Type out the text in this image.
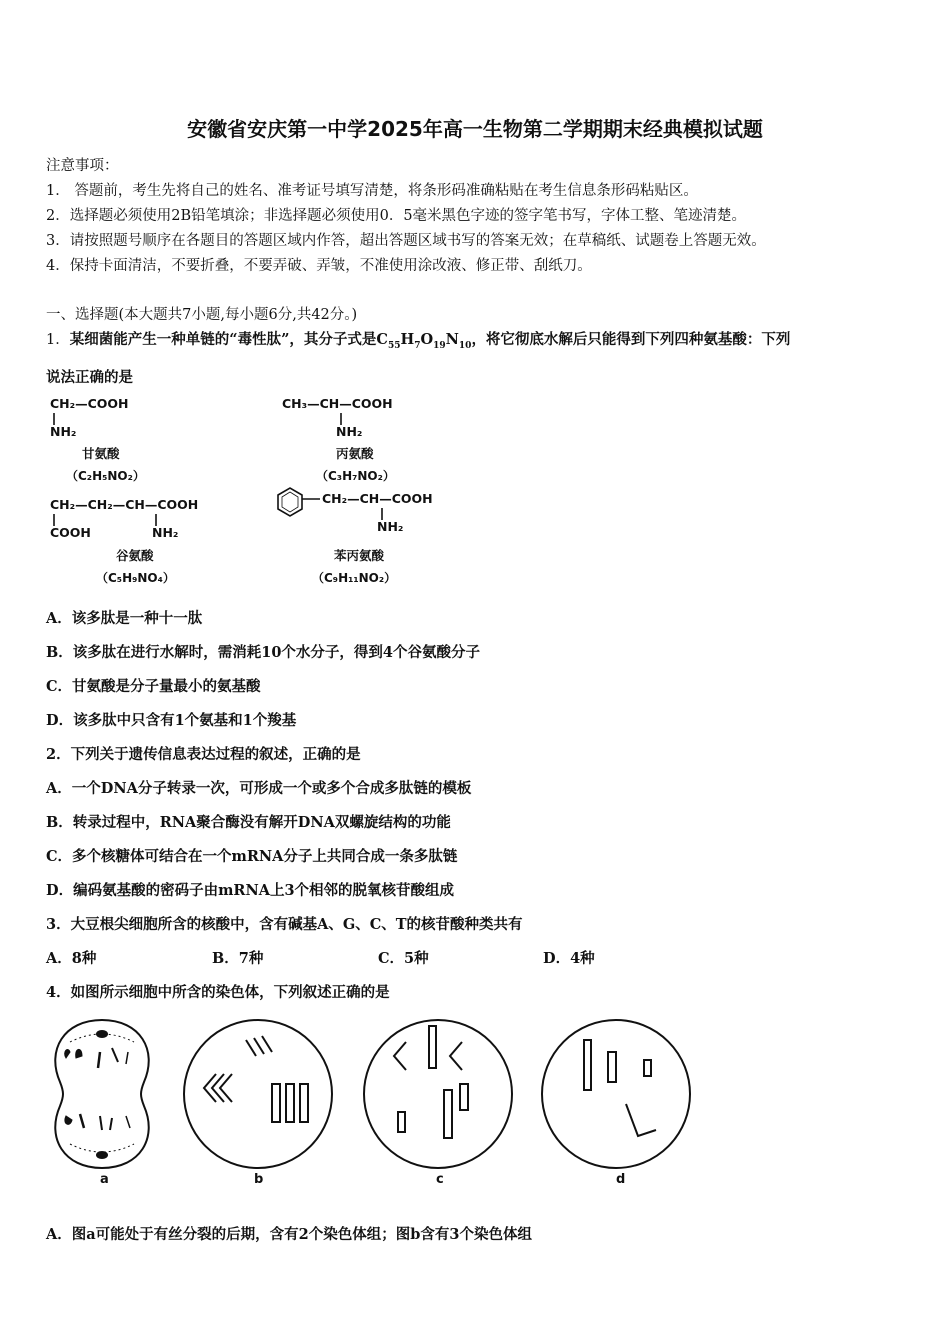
安徽省安庆第一中学2025年高一生物第二学期期末经典模拟试题
注意事项：
1． 答题前，考生先将自己的姓名、准考证号填写清楚，将条形码准确粘贴在考生信息条形码粘贴区。
2．选择题必须使用2B铅笔填涂；非选择题必须使用0．5毫米黑色字迹的签字笔书写，字体工整、笔迹清楚。
3．请按照题号顺序在各题目的答题区域内作答，超出答题区域书写的答案无效；在草稿纸、试题卷上答题无效。
4．保持卡面清洁，不要折叠，不要弄破、弄皱，不准使用涂改液、修正带、刮纸刀。
一、选择题(本大题共7小题,每小题6分,共42分。)
1．某细菌能产生一种单链的“毒性肽”，其分子式是$C_{55}H_7O_{19}N_{10}$，将它彻底水解后只能得到下列四种氨基酸：下列
说法正确的是
CH₂—COOH
NH₂
甘氨酸
（C₂H₅NO₂）
CH₃—CH—COOH
NH₂
丙氨酸
（C₃H₇NO₂）
CH₂—CH₂—CH—COOH
COOH	NH₂
谷氨酸
（C₅H₉NO₄）
CH₂—CH—COOH
NH₂
苯丙氨酸
（C₉H₁₁NO₂）
A．该多肽是一种十一肽
B．该多肽在进行水解时，需消耗10个水分子，得到4个谷氨酸分子
C．甘氨酸是分子量最小的氨基酸
D．该多肽中只含有1个氨基和1个羧基
2．下列关于遗传信息表达过程的叙述，正确的是
A．一个DNA分子转录一次，可形成一个或多个合成多肽链的模板
B．转录过程中，RNA聚合酶没有解开DNA双螺旋结构的功能
C．多个核糖体可结合在一个mRNA分子上共同合成一条多肽链
D．编码氨基酸的密码子由mRNA上3个相邻的脱氧核苷酸组成
3．大豆根尖细胞所含的核酸中，含有碱基A、G、C、T的核苷酸种类共有
A．8种	B．7种	C．5种	D．4种
4．如图所示细胞中所含的染色体，下列叙述正确的是
a	b	c	d
A．图a可能处于有丝分裂的后期，含有2个染色体组；图b含有3个染色体组
